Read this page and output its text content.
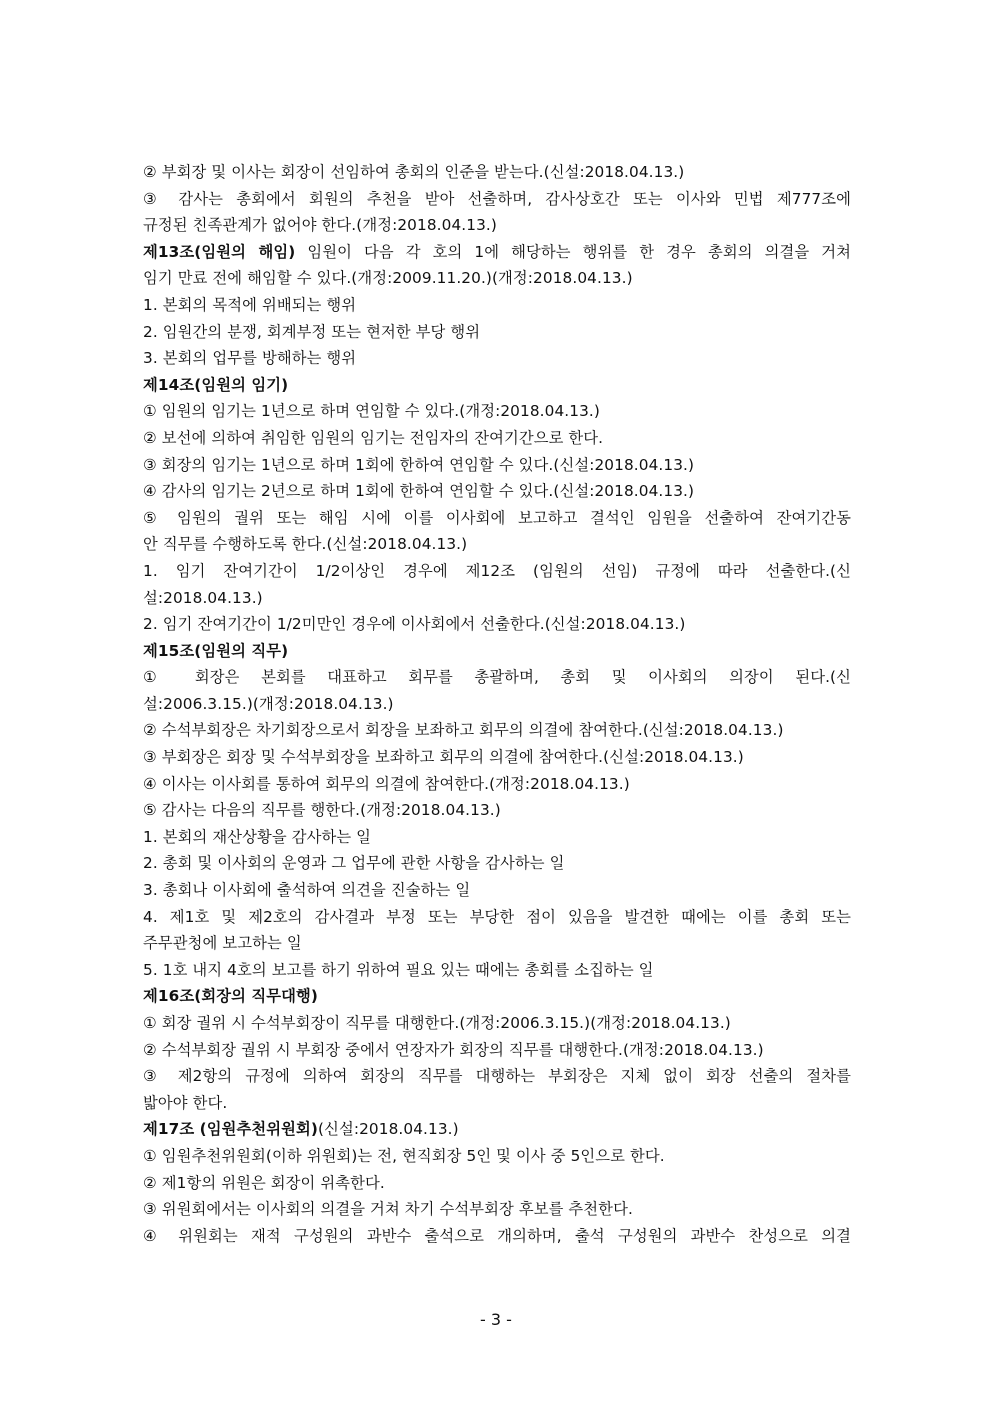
② 부회장 및 이사는 회장이 선임하여 총회의 인준을 받는다.(신설:2018.04.13.)
③ 감사는 총회에서 회원의 추천을 받아 선출하며, 감사상호간 또는 이사와 민법 제777조에
규정된 친족관계가 없어야 한다.(개정:2018.04.13.)
제13조(임원의 해임) 임원이 다음 각 호의 1에 해당하는 행위를 한 경우 총회의 의결을 거쳐
임기 만료 전에 해임할 수 있다.(개정:2009.11.20.)(개정:2018.04.13.)
1. 본회의 목적에 위배되는 행위
2. 임원간의 분쟁, 회계부정 또는 현저한 부당 행위
3. 본회의 업무를 방해하는 행위
제14조(임원의 임기)
① 임원의 임기는 1년으로 하며 연임할 수 있다.(개정:2018.04.13.)
② 보선에 의하여 취임한 임원의 임기는 전임자의 잔여기간으로 한다.
③ 회장의 임기는 1년으로 하며 1회에 한하여 연임할 수 있다.(신설:2018.04.13.)
④ 감사의 임기는 2년으로 하며 1회에 한하여 연임할 수 있다.(신설:2018.04.13.)
⑤ 임원의 궐위 또는 해임 시에 이를 이사회에 보고하고 결석인 임원을 선출하여 잔여기간동
안 직무를 수행하도록 한다.(신설:2018.04.13.)
1. 임기 잔여기간이 1/2이상인 경우에 제12조 (임원의 선임) 규정에 따라 선출한다.(신
설:2018.04.13.)
2. 임기 잔여기간이 1/2미만인 경우에 이사회에서 선출한다.(신설:2018.04.13.)
제15조(임원의 직무)
① 회장은 본회를 대표하고 회무를 총괄하며, 총회 및 이사회의 의장이 된다.(신
설:2006.3.15.)(개정:2018.04.13.)
② 수석부회장은 차기회장으로서 회장을 보좌하고 회무의 의결에 참여한다.(신설:2018.04.13.)
③ 부회장은 회장 및 수석부회장을 보좌하고 회무의 의결에 참여한다.(신설:2018.04.13.)
④ 이사는 이사회를 통하여 회무의 의결에 참여한다.(개정:2018.04.13.)
⑤ 감사는 다음의 직무를 행한다.(개정:2018.04.13.)
1. 본회의 재산상황을 감사하는 일
2. 총회 및 이사회의 운영과 그 업무에 관한 사항을 감사하는 일
3. 총회나 이사회에 출석하여 의견을 진술하는 일
4. 제1호 및 제2호의 감사결과 부정 또는 부당한 점이 있음을 발견한 때에는 이를 총회 또는
주무관청에 보고하는 일
5. 1호 내지 4호의 보고를 하기 위하여 필요 있는 때에는 총회를 소집하는 일
제16조(회장의 직무대행)
① 회장 궐위 시 수석부회장이 직무를 대행한다.(개정:2006.3.15.)(개정:2018.04.13.)
② 수석부회장 궐위 시 부회장 중에서 연장자가 회장의 직무를 대행한다.(개정:2018.04.13.)
③ 제2항의 규정에 의하여 회장의 직무를 대행하는 부회장은 지체 없이 회장 선출의 절차를
밟아야 한다.
제17조 (임원추천위원회)(신설:2018.04.13.)
① 임원추천위원회(이하 위원회)는 전, 현직회장 5인 및 이사 중 5인으로 한다.
② 제1항의 위원은 회장이 위촉한다.
③ 위원회에서는 이사회의 의결을 거쳐 차기 수석부회장 후보를 추천한다.
④ 위원회는 재적 구성원의 과반수 출석으로 개의하며, 출석 구성원의 과반수 찬성으로 의결
- 3 -
